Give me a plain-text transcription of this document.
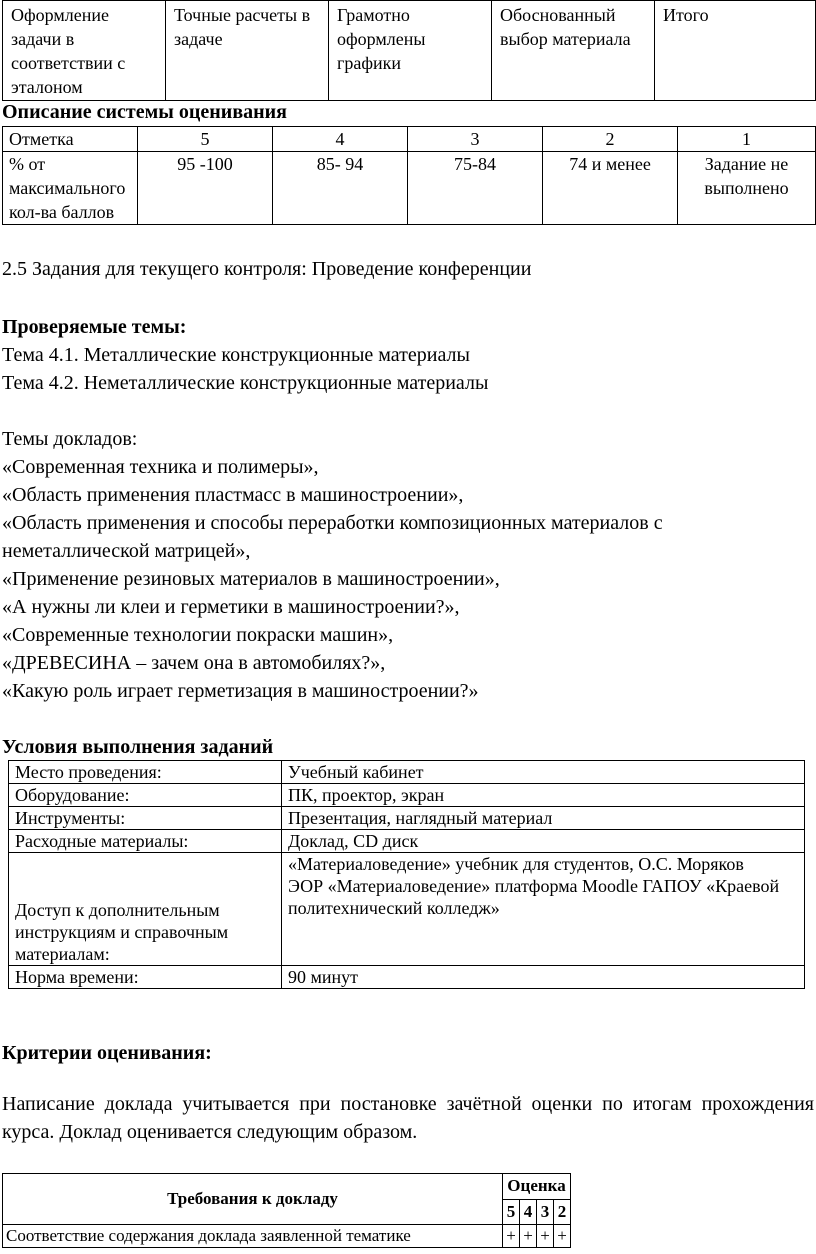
Оформление задачи в соответствии с эталоном	Точные расчеты в задаче	Грамотно оформлены графики	Обоснованный выбор материала	Итого

Описание системы оценивания

Отметка	5	4	3	2	1
% от максимального кол-ва баллов	95 -100	85- 94	75-84	74 и менее	Задание не выполнено

2.5 Задания для текущего контроля: Проведение конференции

Проверяемые темы:

Тема 4.1. Металлические конструкционные материалы

Тема 4.2. Неметаллические конструкционные материалы

Темы докладов:

«Современная техника и полимеры»,

«Область применения пластмасс в машиностроении»,

«Область применения и способы переработки композиционных материалов с неметаллической матрицей»,

«Применение резиновых материалов в машиностроении»,

«А нужны ли клеи и герметики в машиностроении?»,

«Современные технологии покраски машин»,

«ДРЕВЕСИНА – зачем она в автомобилях?»,

«Какую роль играет герметизация в машиностроении?»

Условия выполнения заданий

Место проведения:	Учебный кабинет
Оборудование:	ПК, проектор, экран
Инструменты:	Презентация, наглядный материал
Расходные материалы:	Доклад, CD диск
Доступ к дополнительным инструкциям и справочным материалам:	«Материаловедение» учебник для студентов, О.С. Моряков
ЭОР «Материаловедение» платформа Moodle ГАПОУ «Краевой политехнический колледж»

Норма времени:	90 минут

Критерии оценивания:

Написание доклада учитывается при постановке зачётной оценки по итогам прохождения курса. Доклад оценивается следующим образом.

Требования к докладу	Оценка			
	5	4	3	2
Соответствие содержания доклада заявленной тематике	+	+	+	+
